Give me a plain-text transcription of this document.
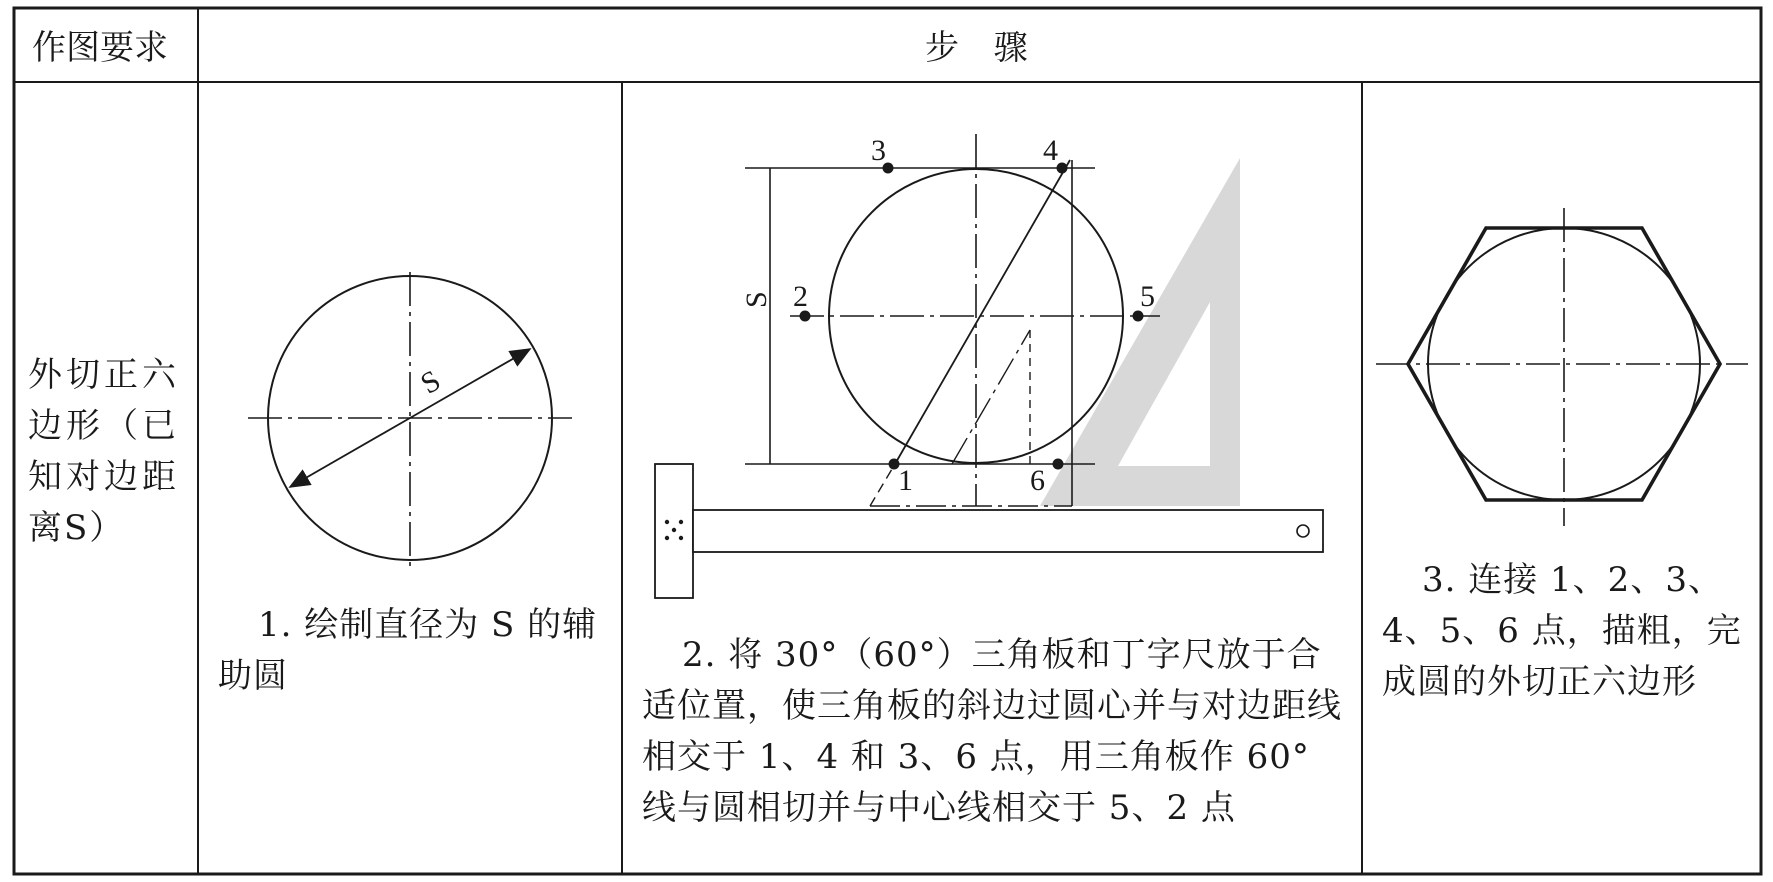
作图要求	步 骤
外切正六边形（已知对边距离S）
S
S
1
2
3	4
5
6
1. 绘制直径为 S 的辅助圆
2. 将 30°（60°）三角板和丁字尺放于合适位置，使三角板的斜边过圆心并与对边距线相交于 1、4 和 3、6 点，用三角板作 60°线与圆相切并与中心线相交于 5、2 点
3. 连接 1、2、3、4、5、6 点，描粗，完成圆的外切正六边形
